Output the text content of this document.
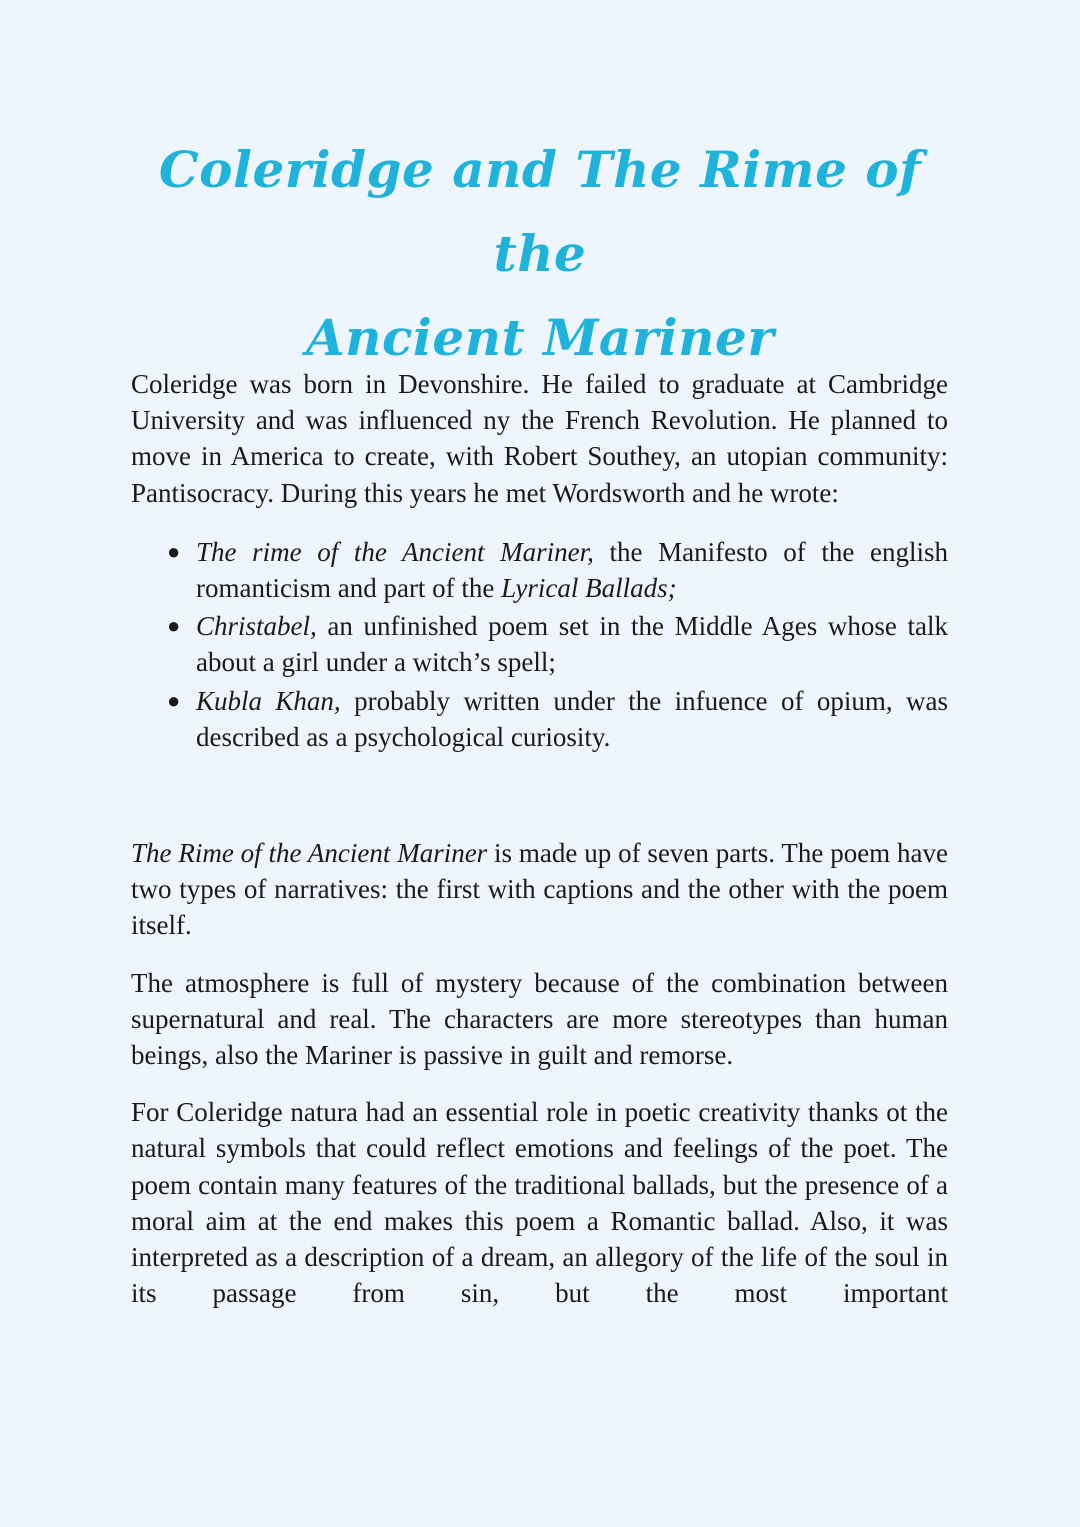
Coleridge and The Rime of the
Ancient Mariner

Coleridge was born in Devonshire. He failed to graduate at Cambridge University and was influenced ny the French Revolution. He planned to move in America to create, with Robert Southey, an utopian community: Pantisocracy. During this years he met Wordsworth and he wrote:

● The rime of the Ancient Mariner, the Manifesto of the english romanticism and part of the Lyrical Ballads;
● Christabel, an unfinished poem set in the Middle Ages whose talk about a girl under a witch’s spell;
● Kubla Khan, probably written under the infuence of opium, was described as a psychological curiosity.

The Rime of the Ancient Mariner is made up of seven parts. The poem have two types of narratives: the first with captions and the other with the poem itself.

The atmosphere is full of mystery because of the combination between supernatural and real. The characters are more stereotypes than human beings, also the Mariner is passive in guilt and remorse.

For Coleridge natura had an essential role in poetic creativity thanks ot the natural symbols that could reflect emotions and feelings of the poet. The poem contain many features of the traditional ballads, but the presence of a moral aim at the end makes this poem a Romantic ballad. Also, it was interpreted as a description of a dream, an allegory of the life of the soul in its passage from sin, but the most important
